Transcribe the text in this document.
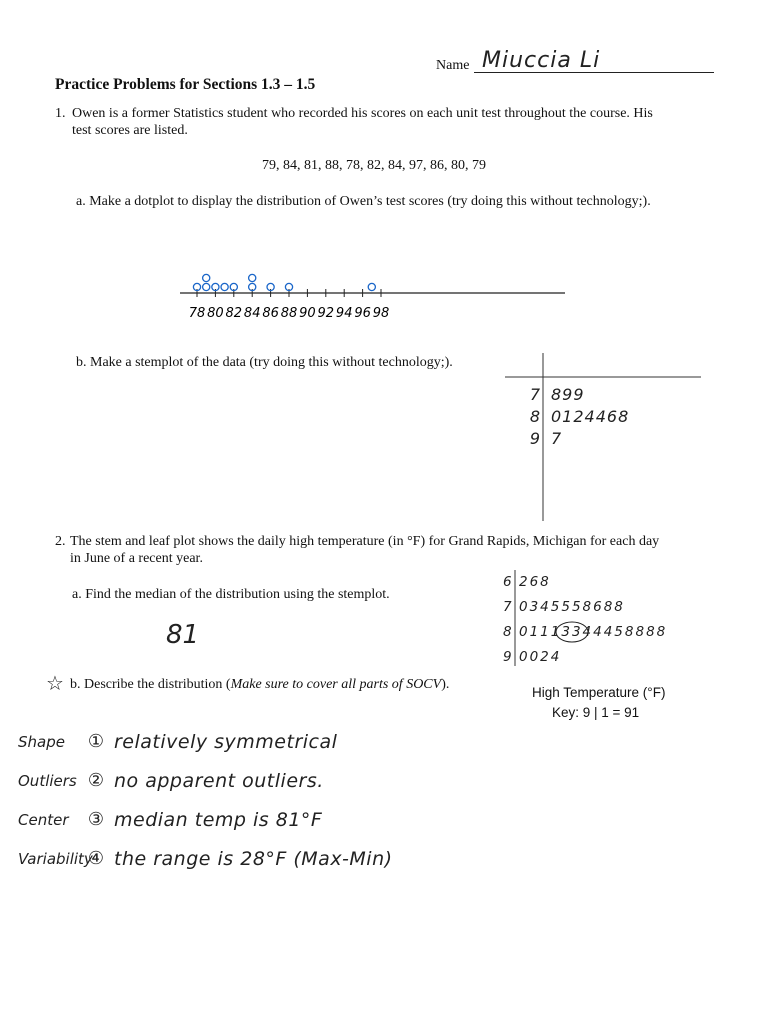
Name Miuccia Li
Practice Problems for Sections 1.3 – 1.5
1. Owen is a former Statistics student who recorded his scores on each unit test throughout the course. His
test scores are listed.
79, 84, 81, 88, 78, 82, 84, 97, 86, 80, 79
a. Make a dotplot to display the distribution of Owen’s test scores (try doing this without technology;).
78 80 82 84 86 88 90 92 94 96 98
b. Make a stemplot of the data (try doing this without technology;).
7 899
8 0124468
9 7
2. The stem and leaf plot shows the daily high temperature (in °F) for Grand Rapids, Michigan for each day
in June of a recent year.
a. Find the median of the distribution using the stemplot.
81
6 268
7 0345558688
8 01113344458888
9 0024
High Temperature (°F)
Key: 9 | 1 = 91
☆ b. Describe the distribution (Make sure to cover all parts of SOCV).
Shape	① relatively symmetrical
Outliers ② no apparent outliers.
Center	③ median temp is 81°F
Variability
④ the range is 28°F (Max-Min)
